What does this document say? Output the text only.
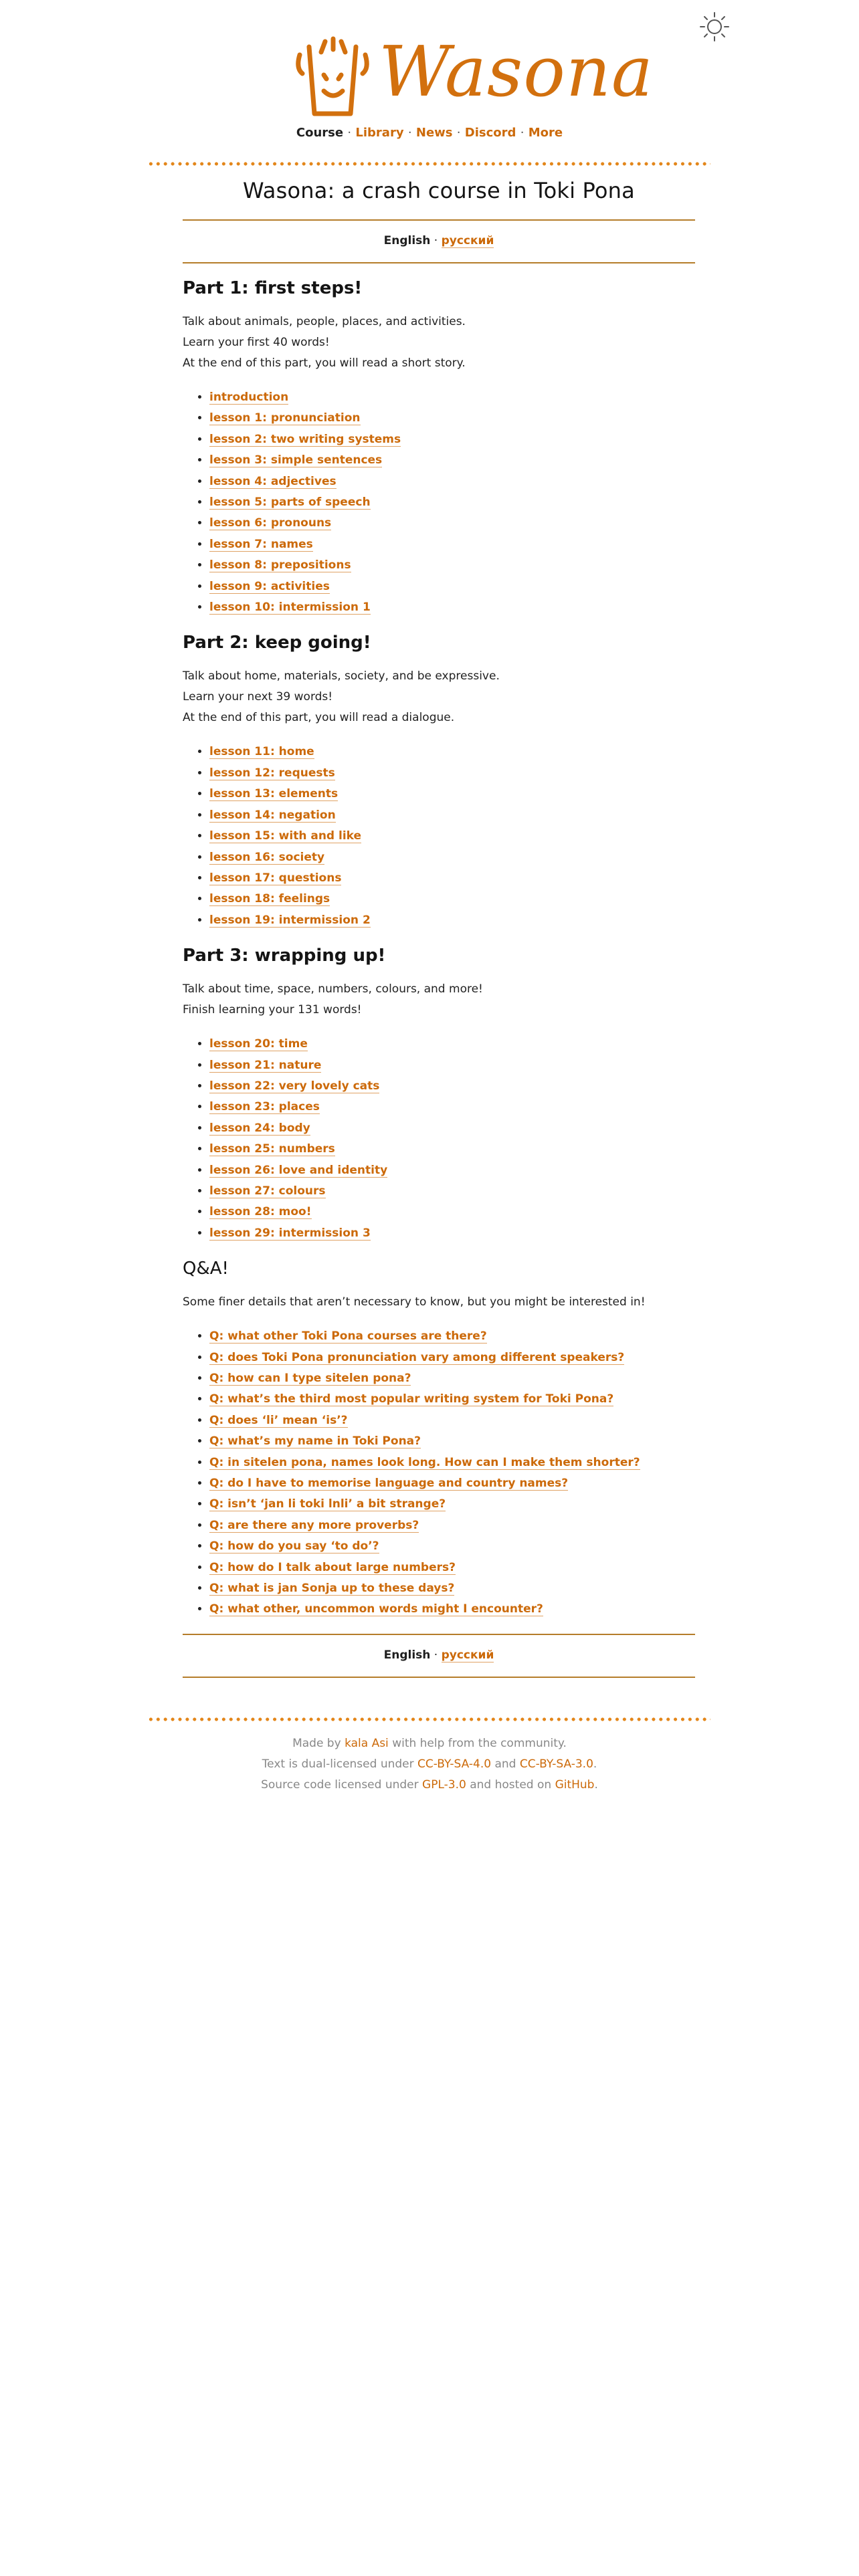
Wasona
Course · Library · News · Discord · More
Wasona: a crash course in Toki Pona
English · русский
Part 1: first steps!

Talk about animals, people, places, and activities.

Learn your first 40 words!

At the end of this part, you will read a short story.

• introduction
• lesson 1: pronunciation
• lesson 2: two writing systems
• lesson 3: simple sentences
• lesson 4: adjectives
• lesson 5: parts of speech
• lesson 6: pronouns
• lesson 7: names
• lesson 8: prepositions
• lesson 9: activities
• lesson 10: intermission 1
Part 2: keep going!

Talk about home, materials, society, and be expressive.

Learn your next 39 words!

At the end of this part, you will read a dialogue.

• lesson 11: home
• lesson 12: requests
• lesson 13: elements
• lesson 14: negation
• lesson 15: with and like
• lesson 16: society
• lesson 17: questions
• lesson 18: feelings
• lesson 19: intermission 2
Part 3: wrapping up!

Talk about time, space, numbers, colours, and more!

Finish learning your 131 words!

• lesson 20: time
• lesson 21: nature
• lesson 22: very lovely cats
• lesson 23: places
• lesson 24: body
• lesson 25: numbers
• lesson 26: love and identity
• lesson 27: colours
• lesson 28: moo!
• lesson 29: intermission 3
Q&A!

Some finer details that aren’t necessary to know, but you might be interested in!

• Q: what other Toki Pona courses are there?
• Q: does Toki Pona pronunciation vary among different speakers?
• Q: how can I type sitelen pona?
• Q: what’s the third most popular writing system for Toki Pona?
• Q: does ‘li’ mean ‘is’?
• Q: what’s my name in Toki Pona?
• Q: in sitelen pona, names look long. How can I make them shorter?
• Q: do I have to memorise language and country names?
• Q: isn’t ‘jan li toki lnli’ a bit strange?
• Q: are there any more proverbs?
• Q: how do you say ‘to do’?
• Q: how do I talk about large numbers?
• Q: what is jan Sonja up to these days?
• Q: what other, uncommon words might I encounter?
English · русский
Made by kala Asi with help from the community.
Text is dual-licensed under CC-BY-SA-4.0 and CC-BY-SA-3.0.
Source code licensed under GPL-3.0 and hosted on GitHub.
